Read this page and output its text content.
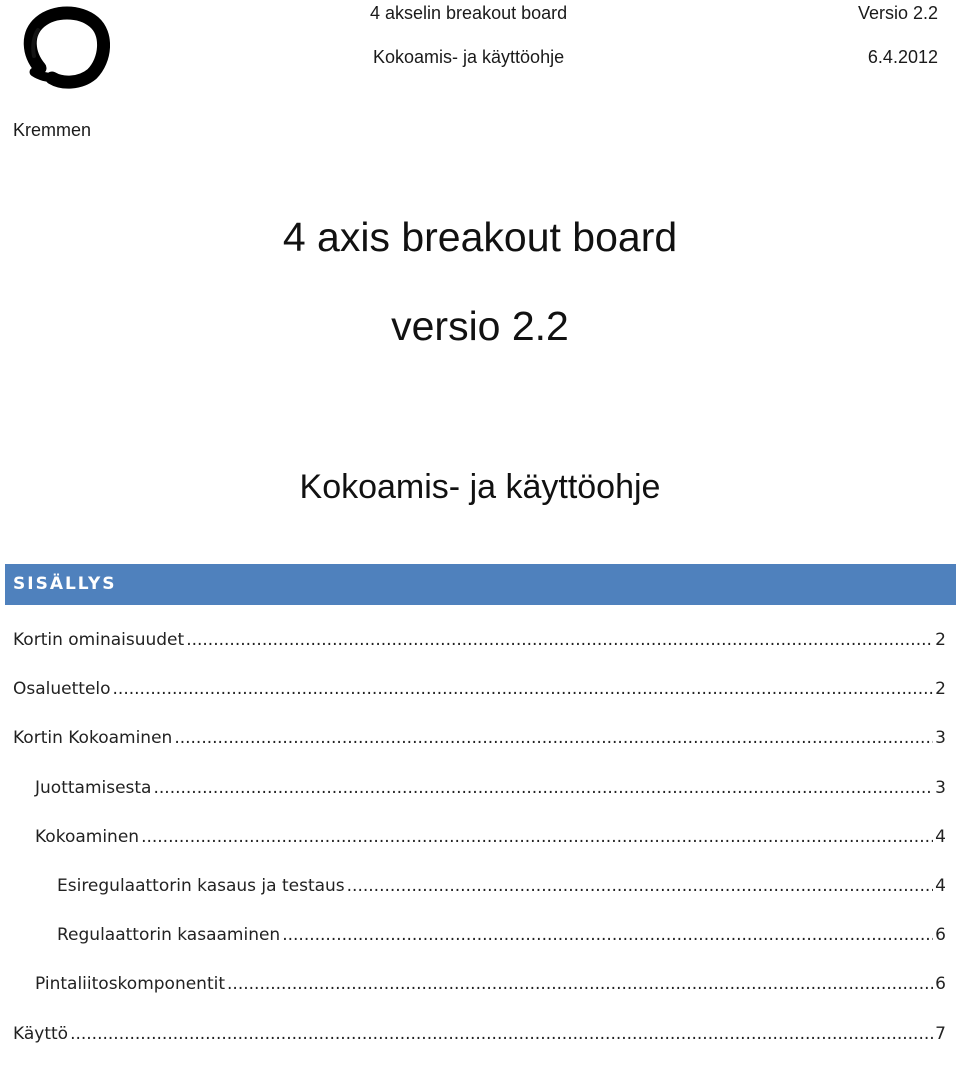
4 akselin breakout board	Versio 2.2
Kokoamis- ja käyttöohje	6.4.2012
Kremmen
4 axis breakout board
versio 2.2
Kokoamis- ja käyttöohje
SISÄLLYS
Kortin ominaisuudet .....	2
Osaluettelo .....	2
Kortin Kokoaminen .....	3
Juottamisesta .....	3
Kokoaminen .....	4
Esiregulaattorin kasaus ja testaus .....	4
Regulaattorin kasaaminen .....	6
Pintaliitoskomponentit .....	6
Käyttö .....	7
